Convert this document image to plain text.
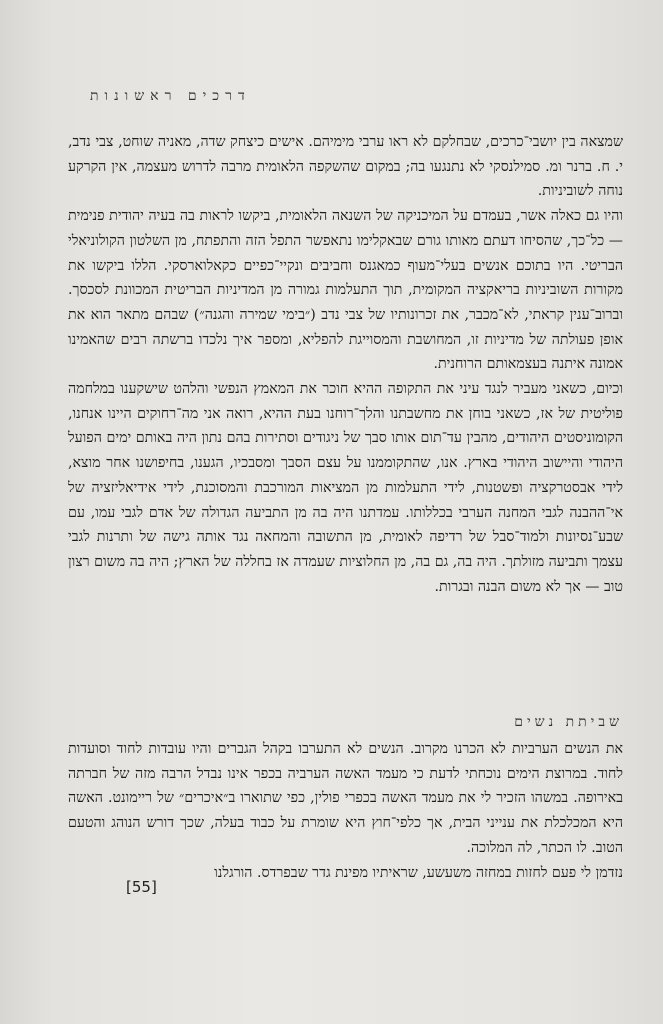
דרכים ראשונות

שמצאה בין יושבי־כרכים, שבחלקם לא ראו ערבי מימיהם. אישים כיצחק שדה, מאניה שוחט, צבי נדב, י. ח. ברנר ומ. סמילנסקי לא נתנגעו בה; במקום שהשקפה הלאומית מרבה לדרוש מעצמה, אין הקרקע נוחה לשוביניות.

והיו גם כאלה אשר, בעמדם על המיכניקה של השנאה הלאומית, ביקשו לראות בה בעיה יהודית פנימית — כל־כך, שהסיחו דעתם מאותו גורם שבאקלימו נתאפשר התפל הזה והתפתח, מן השלטון הקולוניאלי הבריטי. היו בתוכם אנשים בעלי־מעוף כמאגנס וחביבים ונקיי־כפיים כקאלוארסקי. הללו ביקשו את מקורות השוביניות בריאקציה המקומית, תוך התעלמות גמורה מן המדיניות הבריטית המכוונת לסכסך. וברוב־ענין קראתי, לא־מכבר, את זכרונותיו של צבי נדב (״בימי שמירה והגנה״) שבהם מתאר הוא את אופן פעולתה של מדיניות זו, המחושבת והמסוייגת להפליא, ומספר איך נלכדו ברשתה רבים שהאמינו אמונה איתנה בעצמאותם הרוחנית.

וכיום, כשאני מעביר לנגד עיני את התקופה ההיא חוכר את המאמץ הנפשי והלהט שישקענו במלחמה פוליטית של אז, כשאני בוחן את מחשבתנו והלך־רוחנו בעת ההיא, רואה אני מה־רחוקים היינו אנחנו, הקומוניסטים היהודים, מהבין עד־תום אותו סבך של ניגודים וסתירות בהם נתון היה באותם ימים הפועל היהודי והיישוב היהודי בארץ. אנו, שהתקוממנו על עצם הסבך ומסבכיו, הגענו, בחיפושנו אחר מוצא, לידי אבסטרקציה ופשטנות, לידי התעלמות מן המציאות המורכבת והמסוכנת, לידי אידיאליזציה של אי־ההבנה לגבי המחנה הערבי בכללותו. עמדתנו היה בה מן התביעה הגדולה של אדם לגבי עמו, עם שבע־נסיונות ולמוד־סבל של רדיפה לאומית, מן התשובה והמחאה נגד אותה גישה של ותרנות לגבי עצמך ותביעה מזולתך. היה בה, גם בה, מן החלוציות שעמדה אז בחללה של הארץ; היה בה משום רצון טוב — אך לא משום הבנה ובגרות.

שביתת נשים

את הנשים הערביות לא הכרנו מקרוב. הנשים לא התערבו בקהל הגברים והיו עובדות לחוד וסועדות לחוד. במרוצת הימים נוכחתי לדעת כי מעמד האשה הערביה בכפר אינו נבדל הרבה מזה של חברתה באירופה. במשהו הזכיר לי את מעמד האשה בכפרי פולין, כפי שתוארו ב״איכרים״ של ריימונט. האשה היא המכלכלת את ענייני הבית, אך כלפי־חוץ היא שומרת על כבוד בעלה, שכך דורש הנוהג והטעם הטוב. לו הכתר, לה המלוכה.

נזדמן לי פעם לחזות במחזה משעשע, שראיתיו מפינת גדר שבפרדס. הורגלנו

[55]
